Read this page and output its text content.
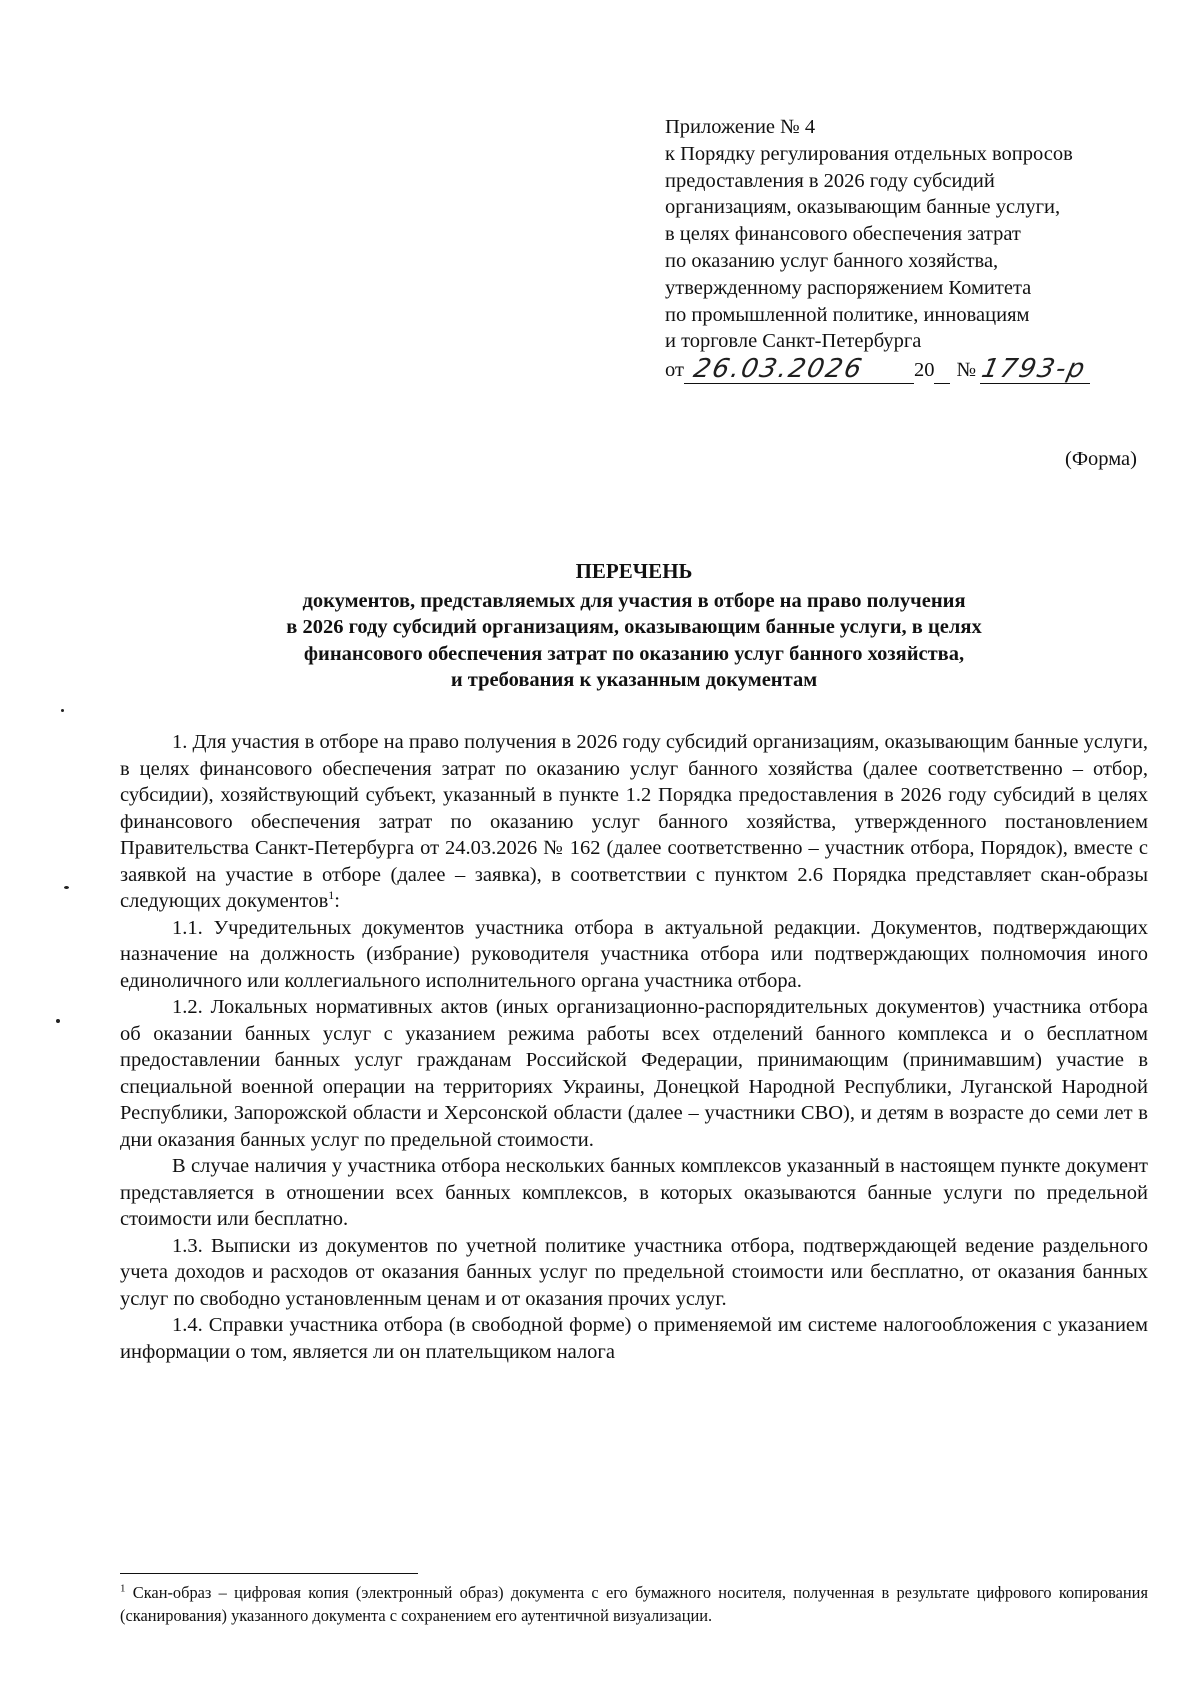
Приложение № 4
к Порядку регулирования отдельных вопросов
предоставления в 2026 году субсидий
организациям, оказывающим банные услуги,
в целях финансового обеспечения затрат
по оказанию услуг банного хозяйства,
утвержденному распоряжением Комитета
по промышленной политике, инновациям
и торговле Санкт-Петербурга
от 26.03.2026 20 № 1793-р
(Форма)
ПЕРЕЧЕНЬ
документов, представляемых для участия в отборе на право получения
в 2026 году субсидий организациям, оказывающим банные услуги, в целях
финансового обеспечения затрат по оказанию услуг банного хозяйства,
и требования к указанным документам

1. Для участия в отборе на право получения в 2026 году субсидий организациям, оказывающим банные услуги, в целях финансового обеспечения затрат по оказанию услуг банного хозяйства (далее соответственно – отбор, субсидии), хозяйствующий субъект, указанный в пункте 1.2 Порядка предоставления в 2026 году субсидий в целях финансового обеспечения затрат по оказанию услуг банного хозяйства, утвержденного постановлением Правительства Санкт-Петербурга от 24.03.2026 № 162 (далее соответственно – участник отбора, Порядок), вместе с заявкой на участие в отборе (далее – заявка), в соответствии с пунктом 2.6 Порядка представляет скан-образы следующих документов$^1$:

1.1. Учредительных документов участника отбора в актуальной редакции. Документов, подтверждающих назначение на должность (избрание) руководителя участника отбора или подтверждающих полномочия иного единоличного или коллегиального исполнительного органа участника отбора.

1.2. Локальных нормативных актов (иных организационно-распорядительных документов) участника отбора об оказании банных услуг с указанием режима работы всех отделений банного комплекса и о бесплатном предоставлении банных услуг гражданам Российской Федерации, принимающим (принимавшим) участие в специальной военной операции на территориях Украины, Донецкой Народной Республики, Луганской Народной Республики, Запорожской области и Херсонской области (далее – участники СВО), и детям в возрасте до семи лет в дни оказания банных услуг по предельной стоимости.

В случае наличия у участника отбора нескольких банных комплексов указанный в настоящем пункте документ представляется в отношении всех банных комплексов, в которых оказываются банные услуги по предельной стоимости или бесплатно.

1.3. Выписки из документов по учетной политике участника отбора, подтверждающей ведение раздельного учета доходов и расходов от оказания банных услуг по предельной стоимости или бесплатно, от оказания банных услуг по свободно установленным ценам и от оказания прочих услуг.

1.4. Справки участника отбора (в свободной форме) о применяемой им системе налогообложения с указанием информации о том, является ли он плательщиком налога

$^1$ Скан-образ – цифровая копия (электронный образ) документа с его бумажного носителя, полученная в результате цифрового копирования (сканирования) указанного документа с сохранением его аутентичной визуализации.
